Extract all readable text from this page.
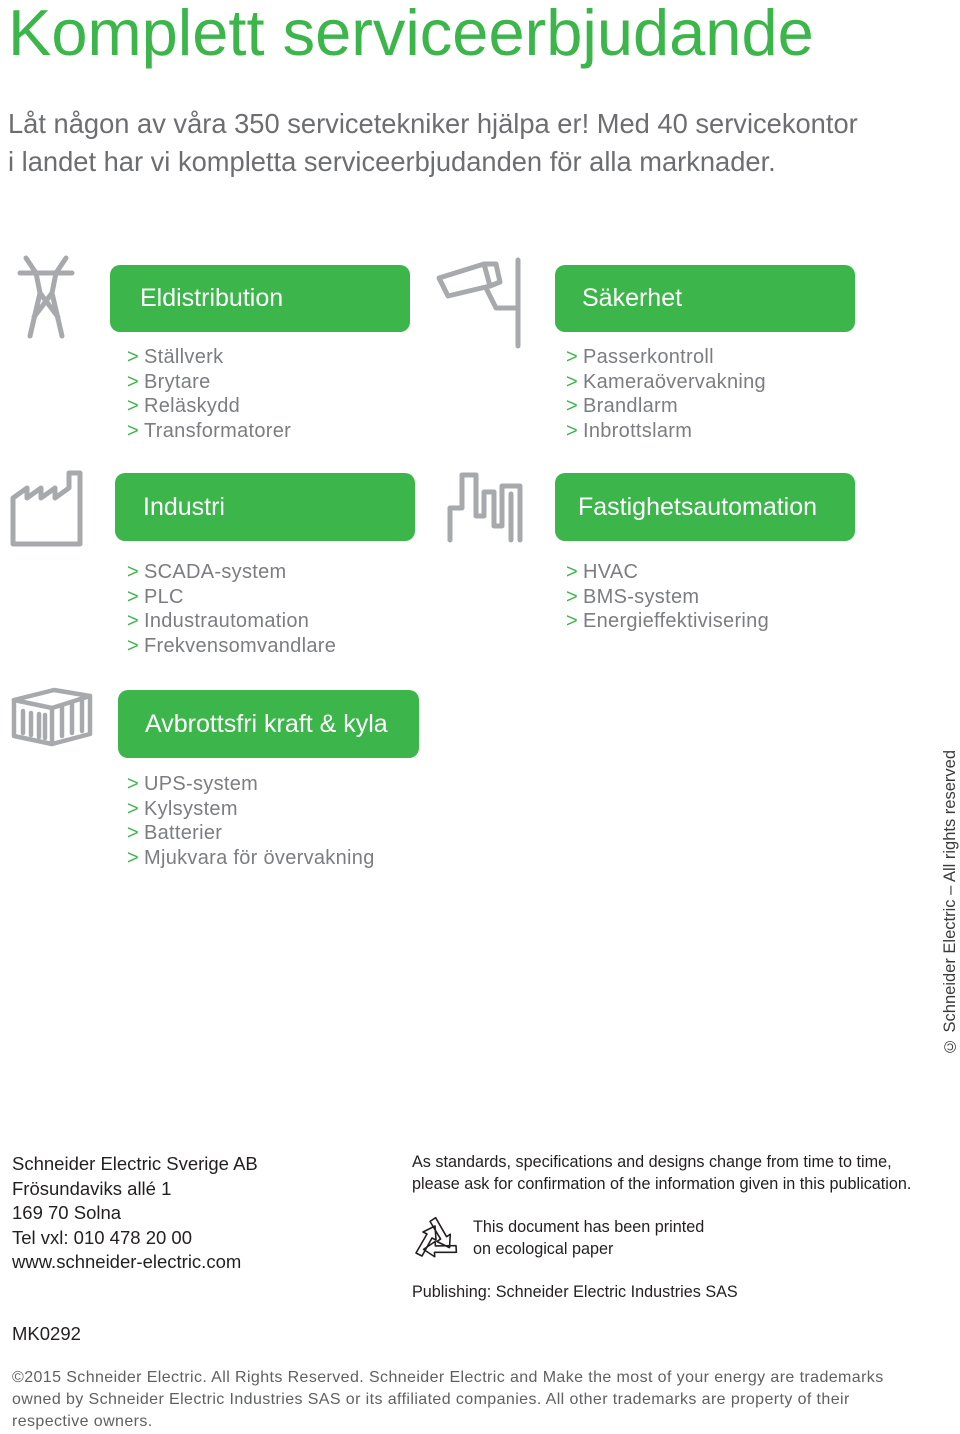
Komplett serviceerbjudande
Låt någon av våra 350 servicetekniker hjälpa er! Med 40 servicekontor
i landet har vi kompletta serviceerbjudanden för alla marknader.
Eldistribution
> Ställverk
> Brytare
> Reläskydd
> Transformatorer
Säkerhet
> Passerkontroll
> Kameraövervakning
> Brandlarm
> Inbrottslarm
Industri
> SCADA-system
> PLC
> Industrautomation
> Frekvensomvandlare
Fastighetsautomation
> HVAC
> BMS-system
> Energieffektivisering
Avbrottsfri kraft & kyla
> UPS-system
> Kylsystem
> Batterier
> Mjukvara för övervakning	© Schneider Electric – All rights reserved
Schneider Electric Sverige AB
Frösundaviks allé 1
169 70 Solna
Tel vxl: 010 478 20 00
www.schneider-electric.com
As standards, specifications and designs change from time to time,
please ask for confirmation of the information given in this publication.
This document has been printed
on ecological paper
Publishing: Schneider Electric Industries SAS
MK0292
©2015 Schneider Electric. All Rights Reserved. Schneider Electric and Make the most of your energy are trademarks
owned by Schneider Electric Industries SAS or its affiliated companies. All other trademarks are property of their
respective owners.
